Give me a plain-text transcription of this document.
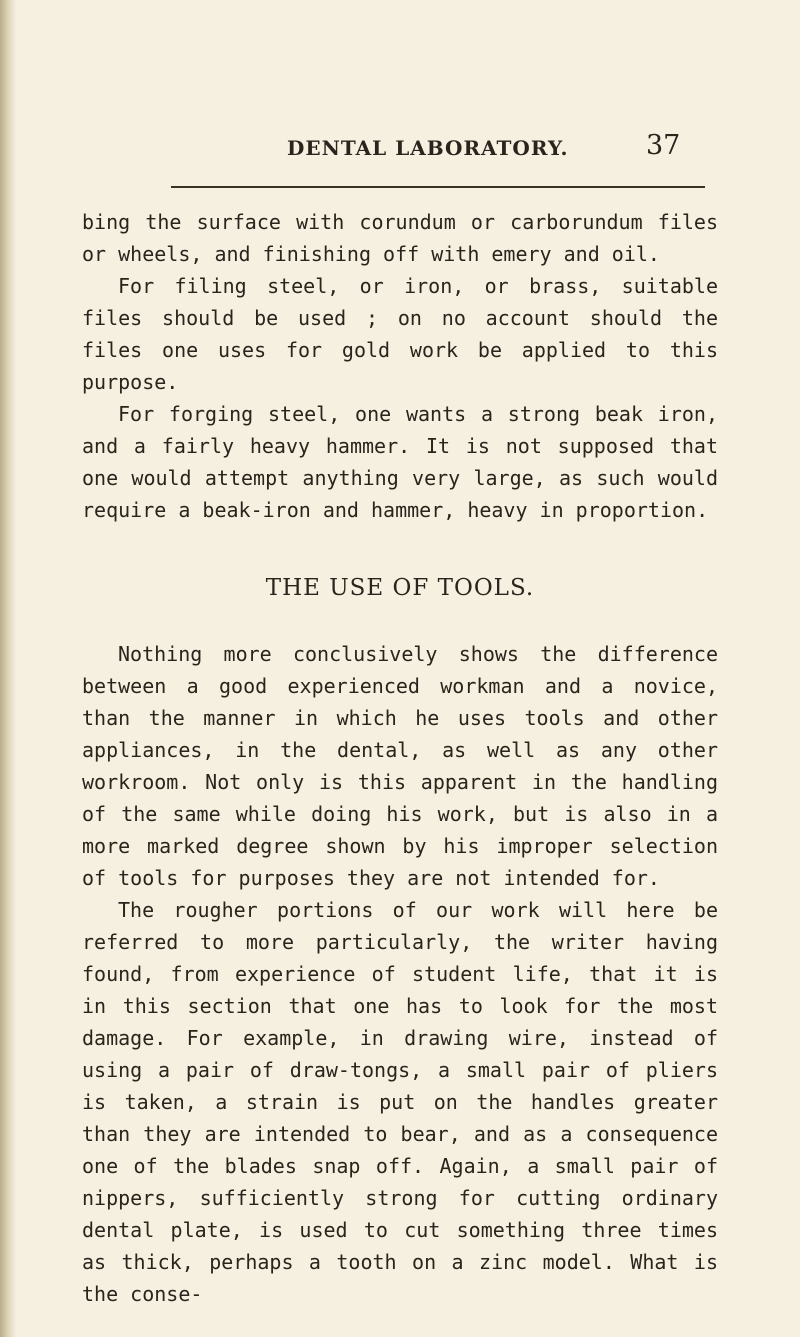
DENTAL LABORATORY.	37

bing the surface with corundum or carborundum files or wheels, and finishing off with emery and oil.

For filing steel, or iron, or brass, suitable files should be used ; on no account should the files one uses for gold work be applied to this purpose.

For forging steel, one wants a strong beak iron, and a fairly heavy hammer. It is not supposed that one would attempt anything very large, as such would require a beak-iron and hammer, heavy in proportion.

THE USE OF TOOLS.

Nothing more conclusively shows the difference between a good experienced workman and a novice, than the manner in which he uses tools and other appliances, in the dental, as well as any other workroom. Not only is this apparent in the handling of the same while doing his work, but is also in a more marked degree shown by his improper selection of tools for purposes they are not intended for.

The rougher portions of our work will here be referred to more particularly, the writer having found, from experience of student life, that it is in this section that one has to look for the most damage. For example, in drawing wire, instead of using a pair of draw-tongs, a small pair of pliers is taken, a strain is put on the handles greater than they are intended to bear, and as a consequence one of the blades snap off. Again, a small pair of nippers, sufficiently strong for cutting ordinary dental plate, is used to cut something three times as thick, perhaps a tooth on a zinc model. What is the conse-
